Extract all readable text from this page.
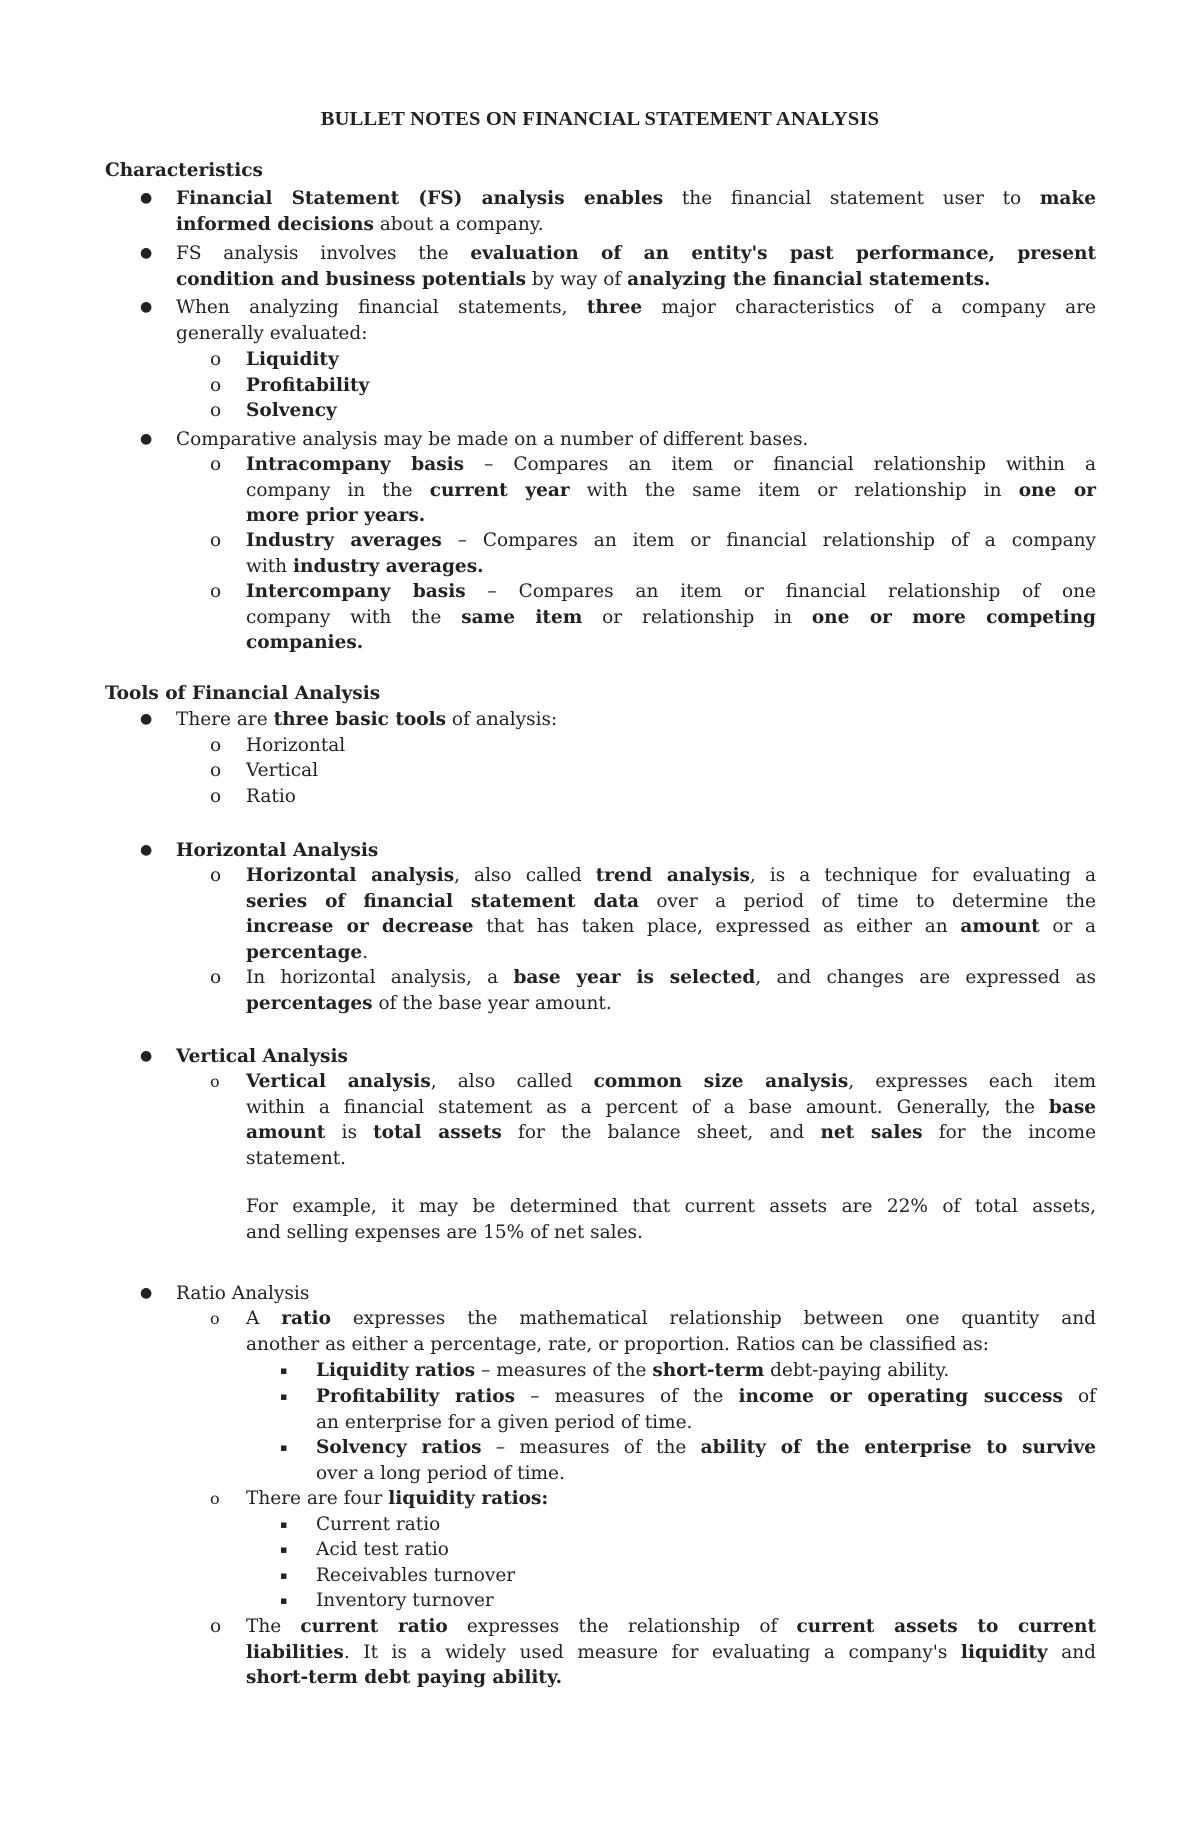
BULLET NOTES ON FINANCIAL STATEMENT ANALYSIS
Characteristics
●	Financial Statement (FS) analysis enables the financial statement user to make
informed decisions about a company.
●	FS analysis involves the evaluation of an entity's past performance, present
condition and business potentials by way of analyzing the financial statements.
●	When analyzing financial statements, three major characteristics of a company are
generally evaluated:
o	Liquidity
o	Profitability
o	Solvency
●	Comparative analysis may be made on a number of different bases.
o	Intracompany basis – Compares an item or financial relationship within a
company in the current year with the same item or relationship in one or
more prior years.
o	Industry averages – Compares an item or financial relationship of a company
with industry averages.
o	Intercompany basis – Compares an item or financial relationship of one
company with the same item or relationship in one or more competing
companies.
Tools of Financial Analysis
●	There are three basic tools of analysis:
o	Horizontal
o	Vertical
o	Ratio
●	Horizontal Analysis
o	Horizontal analysis, also called trend analysis, is a technique for evaluating a
series of financial statement data over a period of time to determine the
increase or decrease that has taken place, expressed as either an amount or a
percentage.
o	In horizontal analysis, a base year is selected, and changes are expressed as
percentages of the base year amount.
●	Vertical Analysis
o	Vertical analysis, also called common size analysis, expresses each item
within a financial statement as a percent of a base amount. Generally, the base
amount is total assets for the balance sheet, and net sales for the income
statement.
For example, it may be determined that current assets are 22% of total assets,
and selling expenses are 15% of net sales.
●	Ratio Analysis
o	A ratio expresses the mathematical relationship between one quantity and
another as either a percentage, rate, or proportion. Ratios can be classified as:
▪	Liquidity ratios – measures of the short-term debt-paying ability.
▪	Profitability ratios – measures of the income or operating success of
an enterprise for a given period of time.
▪	Solvency ratios – measures of the ability of the enterprise to survive
over a long period of time.
o	There are four liquidity ratios:
▪	Current ratio
▪	Acid test ratio
▪	Receivables turnover
▪	Inventory turnover
o	The current ratio expresses the relationship of current assets to current
liabilities. It is a widely used measure for evaluating a company's liquidity and
short-term debt paying ability.
